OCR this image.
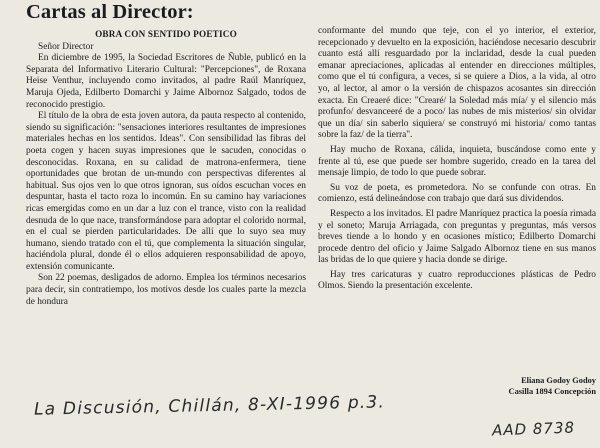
Cartas al Director:
OBRA CON SENTIDO POETICO

Señor Director

En diciembre de 1995, la Sociedad Escritores de Ñuble, publicó en la Separata del Informativo Literario Cultural: "Percepciones", de Roxana Heise Venthur, incluyendo como invitados, al padre Raúl Manríquez, Maruja Ojeda, Edilberto Domarchi y Jaime Albornoz Salgado, todos de reconocido prestigio.

El título de la obra de esta joven autora, da pauta respecto al contenido, siendo su significación: "sensaciones interiores resultantes de impresiones materiales hechas en los sentidos. Ideas". Con sensibilidad las fibras del poeta cogen y hacen suyas impresiones que le sacuden, conocidas o desconocidas. Roxana, en su calidad de matrona-enfermera, tiene oportunidades que brotan de un-mundo con perspectivas diferentes al habitual. Sus ojos ven lo que otros ignoran, sus oídos escuchan voces en despuntar, hasta el tacto roza lo incomún. En su camino hay variaciones ricas emergidas como en un dar a luz con el trance, visto con la realidad desnuda de lo que nace, transformándose para adoptar el colorido normal, en el cual se pierden particularidades. De allí que lo suyo sea muy humano, siendo tratado con el tú, que complementa la situación singular, haciéndola plural, donde él o ellos adquieren responsabilidad de apoyo, extensión comunicante.

Son 22 poemas, desligados de adorno. Emplea los términos necesarios para decir, sin contratiempo, los motivos desde los cuales parte la mezcla de hondura

conformante del mundo que teje, con el yo interior, el exterior, recepcionado y devuelto en la exposición, haciéndose necesario descubrir cuanto está allí resguardado por la inclaridad, desde la cual pueden emanar apreciaciones, aplicadas al entender en direcciones múltiples, como que el tú configura, a veces, si se quiere a Dios, a la vida, al otro yo, al lector, al amor o la versión de chispazos acosantes sin dirección exacta. En Creaeré dice: "Crearé/ la Soledad más mía/ y el silencio más profunfo/ desvanceeré de a poco/ las nubes de mis misterios/ sin olvidar que un día/ sin saberlo siquiera/ se construyó mi historia/ como tantas sobre la faz/ de la tierra".

Hay mucho de Roxana, cálida, inquieta, buscándose como ente y frente al tú, ese que puede ser hombre sugerido, creado en la tarea del mensaje limpio, de todo lo que puede sobrar.

Su voz de poeta, es prometedora. No se confunde con otras. En comienzo, está delineándose con trabajo que dará sus dividendos.

Respecto a los invitados. El padre Manríquez practica la poesía rimada y el soneto; Maruja Arriagada, con preguntas y preguntas, más versos breves tiende a lo hondo y en ocasiones místico; Edilberto Domarchi procede dentro del oficio y Jaime Salgado Albornoz tiene en sus manos las bridas de lo que quiere y hacia donde se dirige.

Hay tres caricaturas y cuatro reproducciones plásticas de Pedro Olmos. Siendo la presentación excelente.

Eliana Godoy Godoy
Casilla 1894 Concepción
La Discusión, Chillán, 8-XI-1996 p.3.
AAD 8738
